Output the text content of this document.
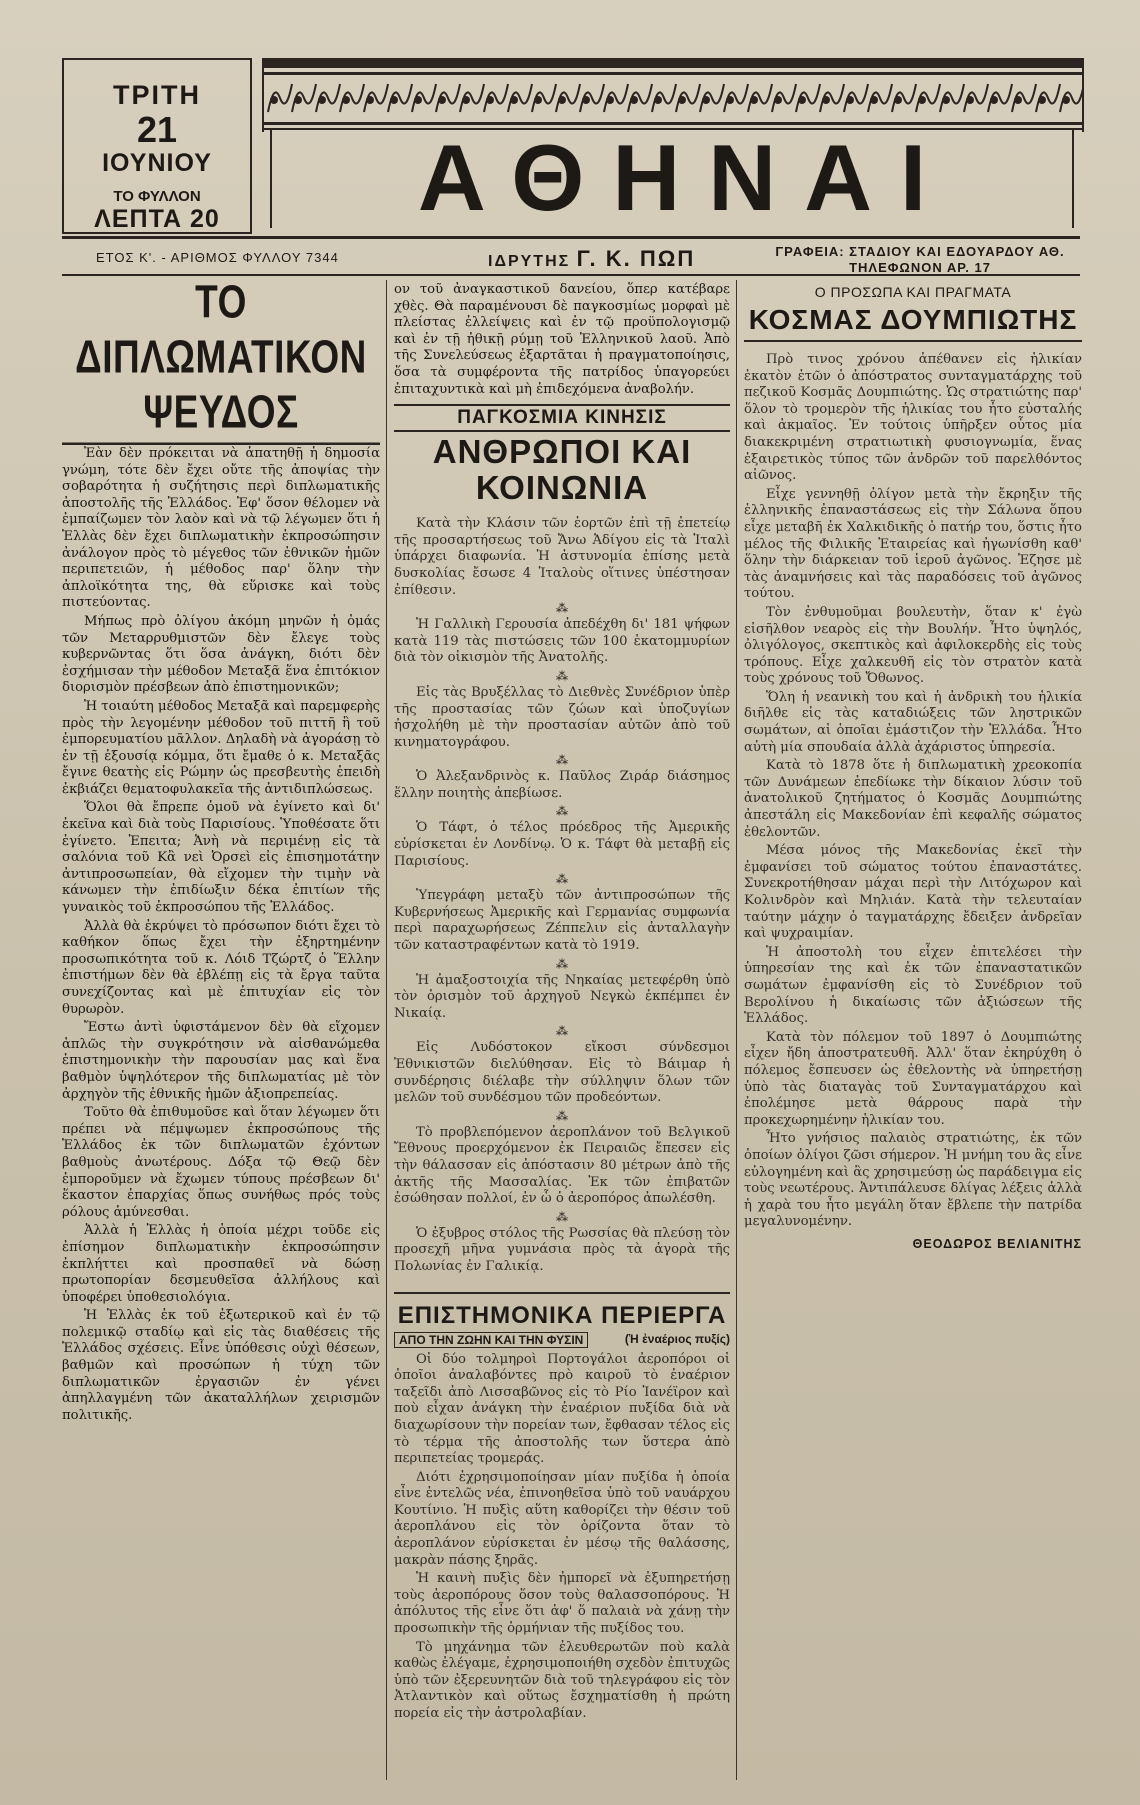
ΤΡΙΤΗ
21
ΙΟΥΝΙΟΥ
ΤΟ ΦΥΛΛΟΝ
ΛΕΠΤΑ 20	ΑΘΗΝΑΙ
ΕΤΟΣ Κ'. - ΑΡΙΘΜΟΣ ΦΥΛΛΟΥ 7344	ΙΔΡΥΤΗΣ Γ. Κ. ΠΩΠ	ΓΡΑΦΕΙΑ: ΣΤΑΔΙΟΥ ΚΑΙ ΕΔΟΥΑΡΔΟΥ ΑΘ.
ΤΗΛΕΦΩΝΟΝ ΑΡ. 17
ΤΟ ΔΙΠΛΩΜΑΤΙΚΟΝ ΨΕΥΔΟΣ

Ἐὰν δὲν πρόκειται νὰ ἀπατηθῇ ἡ δημοσία γνώμη, τότε δὲν ἔχει οὔτε τῆς ἀποψίας τὴν σοβαρότητα ἡ συζήτησις περὶ διπλωματικῆς ἀποστολῆς τῆς Ἑλλάδος. Ἐφ' ὅσον θέλομεν νὰ ἐμπαίζωμεν τὸν λαὸν καὶ νὰ τῷ λέγωμεν ὅτι ἡ Ἑλλὰς δὲν ἔχει διπλωματικὴν ἐκπροσώπησιν ἀνάλογον πρὸς τὸ μέγεθος τῶν ἐθνικῶν ἡμῶν περιπετειῶν, ἡ μέθοδος παρ' ὅλην τὴν ἀπλοϊκότητα της, θὰ εὕρισκε καὶ τοὺς πιστεύοντας.

Μήπως πρὸ ὀλίγου ἀκόμη μηνῶν ἡ ὁμάς τῶν Μεταρρυθμιστῶν δὲν ἔλεγε τοὺς κυβερνῶντας ὅτι ὅσα ἀνάγκη, διότι δὲν ἐσχήμισαν τὴν μέθοδον Μεταξᾶ ἕνα ἐπιτόκιον διορισμὸν πρέσβεων ἀπὸ ἐπιστημονικῶν;

Ἡ τοιαύτη μέθοδος Μεταξᾶ καὶ παρεμφερὴς πρὸς τὴν λεγομένην μέθοδον τοῦ πιττῆ ἢ τοῦ ἐμπορευματίου μᾶλλον. Δηλαδὴ νὰ ἀγοράσῃ τὸ ἐν τῇ ἐξουσίᾳ κόμμα, ὅτι ἔμαθε ὁ κ. Μεταξᾶς ἔγινε θεατὴς εἰς Ρώμην ὡς πρεσβευτὴς ἐπειδὴ ἐκβιάζει θεματοφυλακεῖα τῆς ἀντιδιπλώσεως.

Ὅλοι θὰ ἔπρεπε ὁμοῦ νὰ ἐγίνετο καὶ δι' ἐκεῖνα καὶ διὰ τοὺς Παρισίους. Ὑποθέσατε ὅτι ἐγίνετο. Ἐπειτα; Ἀνὴ νὰ περιμένῃ εἰς τὰ σαλόνια τοῦ Κἂ νεὶ Ὀρσεὶ εἰς ἐπισημοτάτην ἀντιπροσωπείαν, θὰ εἴχομεν τὴν τιμὴν νὰ κάνωμεν τὴν ἐπιδίωξιν δέκα ἐπιτίων τῆς γυναικὸς τοῦ ἐκπροσώπου τῆς Ἑλλάδος.

Ἀλλὰ θὰ ἐκρύψει τὸ πρόσωπον διότι ἔχει τὸ καθήκον ὅπως ἔχει τὴν ἐξηρτημένην προσωπικότητα τοῦ κ. Λόιδ Τζώρτζ ὁ Ἕλλην ἐπιστήμων δὲν θὰ ἐβλέπῃ εἰς τὰ ἔργα ταῦτα συνεχίζοντας καὶ μὲ ἐπιτυχίαν εἰς τὸν θυρωρὸν.

Ἔστω ἀντὶ ὑφιστάμενον δὲν θὰ εἴχομεν ἁπλῶς τὴν συγκρότησιν νὰ αἰσθανώμεθα ἐπιστημονικὴν τὴν παρουσίαν μας καὶ ἕνα βαθμὸν ὑψηλότερον τῆς διπλωματίας μὲ τὸν ἀρχηγὸν τῆς ἐθνικῆς ἡμῶν ἀξιοπρεπείας.

Τοῦτο θὰ ἐπιθυμοῦσε καὶ ὅταν λέγωμεν ὅτι πρέπει νὰ πέμψωμεν ἐκπροσώπους τῆς Ἑλλάδος ἐκ τῶν διπλωματῶν ἐχόντων βαθμοὺς ἀνωτέρους. Δόξα τῷ Θεῷ δὲν ἐμποροῦμεν νὰ ἔχωμεν τύπους πρέσβεων δι' ἕκαστον ἐπαρχίας ὅπως συνήθως πρός τοὺς ρόλους ἀμύνεσθαι.

Ἀλλὰ ἡ Ἑλλὰς ἡ ὁποία μέχρι τοῦδε εἰς ἐπίσημον διπλωματικὴν ἐκπροσώπησιν ἐκπλήττει καὶ προσπαθεῖ νὰ δώσῃ πρωτοπορίαν δεσμευθεῖσα ἀλλήλους καὶ ὑποφέρει ὑποθεσιολόγια.

Ἡ Ἑλλὰς ἐκ τοῦ ἐξωτερικοῦ καὶ ἐν τῷ πολεμικῷ σταδίῳ καὶ εἰς τὰς διαθέσεις τῆς Ἑλλάδος σχέσεις. Εἶνε ὑπόθεσις οὐχὶ θέσεων, βαθμῶν καὶ προσώπων ἡ τύχη τῶν διπλωματικῶν ἐργασιῶν ἐν γένει ἀπηλλαγμένη τῶν ἀκαταλλήλων χειρισμῶν πολιτικῆς.

ον τοῦ ἀναγκαστικοῦ δανείου, ὅπερ κατέβαρε χθὲς. Θὰ παραμένουσι δὲ παγκοσμίως μορφαὶ μὲ πλείστας ἐλλείψεις καὶ ἐν τῷ προϋπολογισμῷ καὶ ἐν τῇ ἠθικῇ ρύμῃ τοῦ Ἑλληνικοῦ λαοῦ. Ἀπὸ τῆς Συνελεύσεως ἐξαρτᾶται ἡ πραγματοποίησις, ὅσα τὰ συμφέροντα τῆς πατρίδος ὑπαγορεύει ἐπιταχυντικὰ καὶ μὴ ἐπιδεχόμενα ἀναβολήν.

ΠΑΓΚΟΣΜΙΑ ΚΙΝΗΣΙΣ
ΑΝΘΡΩΠΟΙ ΚΑΙ ΚΟΙΝΩΝΙΑ

Κατὰ τὴν Κλάσιν τῶν ἑορτῶν ἐπὶ τῇ ἐπετείῳ τῆς προσαρτήσεως τοῦ Ἄνω Ἀδίγου εἰς τὰ Ἰταλὶ ὑπάρχει διαφωνία. Ἡ ἀστυνομία ἐπίσης μετὰ δυσκολίας ἔσωσε 4 Ἰταλοὺς οἵτινες ὑπέστησαν ἐπίθεσιν.

⁂

Ἡ Γαλλικὴ Γερουσία ἀπεδέχθη δι' 181 ψήφων κατὰ 119 τὰς πιστώσεις τῶν 100 ἑκατομμυρίων διὰ τὸν οἰκισμὸν τῆς Ἀνατολῆς.

⁂

Εἰς τὰς Βρυξέλλας τὸ Διεθνὲς Συνέδριον ὑπὲρ τῆς προστασίας τῶν ζώων καὶ ὑποζυγίων ἠσχολήθη μὲ τὴν προστασίαν αὐτῶν ἀπὸ τοῦ κινηματογράφου.

⁂

Ὁ Ἀλεξανδρινὸς κ. Παῦλος Ζιράρ διάσημος ἕλλην ποιητὴς ἀπεβίωσε.

⁂

Ὁ Τάφτ, ὁ τέλος πρόεδρος τῆς Ἀμερικῆς εὑρίσκεται ἐν Λονδίνῳ. Ὁ κ. Τάφτ θὰ μεταβῇ εἰς Παρισίους.

⁂

Ὑπεγράφη μεταξὺ τῶν ἀντιπροσώπων τῆς Κυβερνήσεως Ἀμερικῆς καὶ Γερμανίας συμφωνία περὶ παραχωρήσεως Ζέππελιν εἰς ἀνταλλαγὴν τῶν καταστραφέντων κατὰ τὸ 1919.

⁂

Ἡ ἀμαξοστοιχία τῆς Νηκαίας μετεφέρθη ὑπὸ τὸν ὁρισμὸν τοῦ ἀρχηγοῦ Νεγκὼ ἐκπέμπει ἐν Νικαίᾳ.

⁂

Εἰς Λυδόστοκον εἴκοσι σύνδεσμοι Ἐθνικιστῶν διελύθησαν. Εἰς τὸ Βάιμαρ ἡ συνδέρησις διέλαβε τὴν σύλληψιν ὅλων τῶν μελῶν τοῦ συνδέσμου τῶν προδεόντων.

⁂

Τὸ προβλεπόμενον ἀεροπλάνον τοῦ Βελγικοῦ Ἔθνους προερχόμενον ἐκ Πειραιῶς ἔπεσεν εἰς τὴν θάλασσαν εἰς ἀπόστασιν 80 μέτρων ἀπὸ τῆς ἀκτῆς τῆς Μασσαλίας. Ἐκ τῶν ἐπιβατῶν ἐσώθησαν πολλοί, ἐν ὧ ὁ ἀεροπόρος ἀπωλέσθη.

⁂

Ὁ ἐξυβρος στόλος τῆς Ρωσσίας θὰ πλεύσῃ τὸν προσεχῆ μῆνα γυμνάσια πρὸς τὰ ἀγορὰ τῆς Πολωνίας ἐν Γαλικίᾳ.

ΕΠΙΣΤΗΜΟΝΙΚΑ ΠΕΡΙΕΡΓΑ
ΑΠΟ ΤΗΝ ΖΩΗΝ ΚΑΙ ΤΗΝ ΦΥΣΙΝ	(Ἡ ἐναέριος πυξίς)

Οἱ δύο τολμηροὶ Πορτογάλοι ἀεροπόροι οἱ ὁποῖοι ἀναλαβόντες πρὸ καιροῦ τὸ ἐναέριον ταξεῖδι ἀπὸ Λισσαβῶνος εἰς τὸ Ρίο Ἰανέϊρον καὶ ποὺ εἶχαν ἀνάγκη τὴν ἐναέριον πυξίδα διὰ νὰ διαχωρίσουν τὴν πορείαν των, ἔφθασαν τέλος εἰς τὸ τέρμα τῆς ἀποστολῆς των ὕστερα ἀπὸ περιπετείας τρομεράς.

Διότι ἐχρησιμοποίησαν μίαν πυξίδα ἡ ὁποία εἶνε ἐντελῶς νέα, ἐπινοηθεῖσα ὑπὸ τοῦ ναυάρχου Κουτίνιο. Ἡ πυξὶς αὕτη καθορίζει τὴν θέσιν τοῦ ἀεροπλάνου εἰς τὸν ὁρίζοντα ὅταν τὸ ἀεροπλάνον εὑρίσκεται ἐν μέσῳ τῆς θαλάσσης, μακρὰν πάσης ξηρᾶς.

Ἡ καινὴ πυξὶς δὲν ἠμπορεῖ νὰ ἐξυπηρετήσῃ τοὺς ἀεροπόρους ὅσον τοὺς θαλασσοπόρους. Ἡ ἀπόλυτος τῆς εἶνε ὅτι ἀφ' ὅ παλαιὰ νὰ χάνῃ τὴν προσωπικὴν τῆς ὁρμήνιαν τῆς πυξίδος του.

Τὸ μηχάνημα τῶν ἐλευθερωτῶν ποὺ καλὰ καθὼς ἐλέγαμε, ἐχρησιμοποιήθη σχεδὸν ἐπιτυχῶς ὑπὸ τῶν ἐξερευνητῶν διὰ τοῦ τηλεγράφου εἰς τὸν Ἀτλαντικὸν καὶ οὕτως ἔσχηματίσθη ἡ πρώτη πορεία εἰς τὴν ἀστρολαβίαν.

Ο ΠΡΟΣΩΠΑ ΚΑΙ ΠΡΑΓΜΑΤΑ
ΚΟΣΜΑΣ ΔΟΥΜΠΙΩΤΗΣ

Πρὸ τινος χρόνου ἀπέθανεν εἰς ἡλικίαν ἐκατὸν ἐτῶν ὁ ἀπόστρατος συνταγματάρχης τοῦ πεζικοῦ Κοσμᾶς Δουμπιώτης. Ὡς στρατιώτης παρ' ὅλον τὸ τρομερὸν τῆς ἡλικίας του ἦτο εὐσταλής καὶ ἀκμαῖος. Ἐν τούτοις ὑπῆρξεν οὗτος μία διακεκριμένη στρατιωτικὴ φυσιογνωμία, ἕνας ἐξαιρετικὸς τύπος τῶν ἀνδρῶν τοῦ παρελθόντος αἰῶνος.

Εἶχε γεννηθῇ ὀλίγον μετὰ τὴν ἔκρηξιν τῆς ἑλληνικῆς ἐπαναστάσεως εἰς τὴν Σάλωνα ὅπου εἶχε μεταβῆ ἐκ Χαλκιδικῆς ὁ πατήρ του, ὅστις ἦτο μέλος τῆς Φιλικῆς Ἑταιρείας καὶ ἠγωνίσθη καθ' ὅλην τὴν διάρκειαν τοῦ ἱεροῦ ἀγῶνος. Ἐζησε μὲ τὰς ἀναμνήσεις καὶ τὰς παραδόσεις τοῦ ἀγῶνος τούτου.

Τὸν ἐνθυμοῦμαι βουλευτὴν, ὅταν κ' ἐγὼ εἰσῆλθον νεαρὸς εἰς τὴν Βουλήν. Ἦτο ὑψηλός, ὀλιγόλογος, σκεπτικὸς καὶ ἀφιλοκερδὴς εἰς τοὺς τρόπους. Εἶχε χαλκευθῆ εἰς τὸν στρατὸν κατὰ τοὺς χρόνους τοῦ Ὄθωνος.

Ὅλη ἡ νεανικὴ του καὶ ἡ ἀνδρικὴ του ἡλικία διῆλθε εἰς τὰς καταδιώξεις τῶν ληστρικῶν σωμάτων, αἱ ὁποῖαι ἐμάστιζον τὴν Ἑλλάδα. Ἦτο αὐτὴ μία σπουδαία ἀλλὰ ἀχάριστος ὑπηρεσία.

Κατὰ τὸ 1878 ὅτε ἡ διπλωματικὴ χρεοκοπία τῶν Δυνάμεων ἐπεδίωκε τὴν δίκαιον λύσιν τοῦ ἀνατολικοῦ ζητήματος ὁ Κοσμᾶς Δουμπιώτης ἀπεστάλη εἰς Μακεδονίαν ἐπὶ κεφαλῆς σώματος ἐθελοντῶν.

Μέσα μόνος τῆς Μακεδονίας ἐκεῖ τὴν ἐμφανίσει τοῦ σώματος τούτου ἐπαναστάτες. Συνεκροτήθησαν μάχαι περὶ τὴν Λιτόχωρον καὶ Κολινδρὸν καὶ Μηλιάν. Κατὰ τὴν τελευταίαν ταύτην μάχην ὁ ταγματάρχης ἔδειξεν ἀνδρεῖαν καὶ ψυχραιμίαν.

Ἡ ἀποστολὴ του εἶχεν ἐπιτελέσει τὴν ὑπηρεσίαν της καὶ ἐκ τῶν ἐπαναστατικῶν σωμάτων ἐμφανίσθη εἰς τὸ Συνέδριον τοῦ Βερολίνου ἡ δικαίωσις τῶν ἀξιώσεων τῆς Ἑλλάδος.

Κατὰ τὸν πόλεμον τοῦ 1897 ὁ Δουμπιώτης εἶχεν ἤδη ἀποστρατευθῆ. Ἀλλ' ὅταν ἐκηρύχθη ὁ πόλεμος ἔσπευσεν ὡς ἐθελοντὴς νὰ ὑπηρετήσῃ ὑπὸ τὰς διαταγὰς τοῦ Συνταγματάρχου καὶ ἐπολέμησε μετὰ θάρρους παρὰ τὴν προκεχωρημένην ἡλικίαν του.

Ἦτο γνήσιος παλαιὸς στρατιώτης, ἐκ τῶν ὁποίων ὀλίγοι ζῶσι σήμερον. Ἡ μνήμη του ἂς εἶνε εὐλογημένη καὶ ἂς χρησιμεύσῃ ὡς παράδειγμα εἰς τοὺς νεωτέρους. Ἀντιπάλευσε δλίγας λέξεις ἀλλὰ ἡ χαρὰ του ἦτο μεγάλη ὅταν ἔβλεπε τὴν πατρίδα μεγαλυνομένην.

ΘΕΟΔΩΡΟΣ ΒΕΛΙΑΝΙΤΗΣ
